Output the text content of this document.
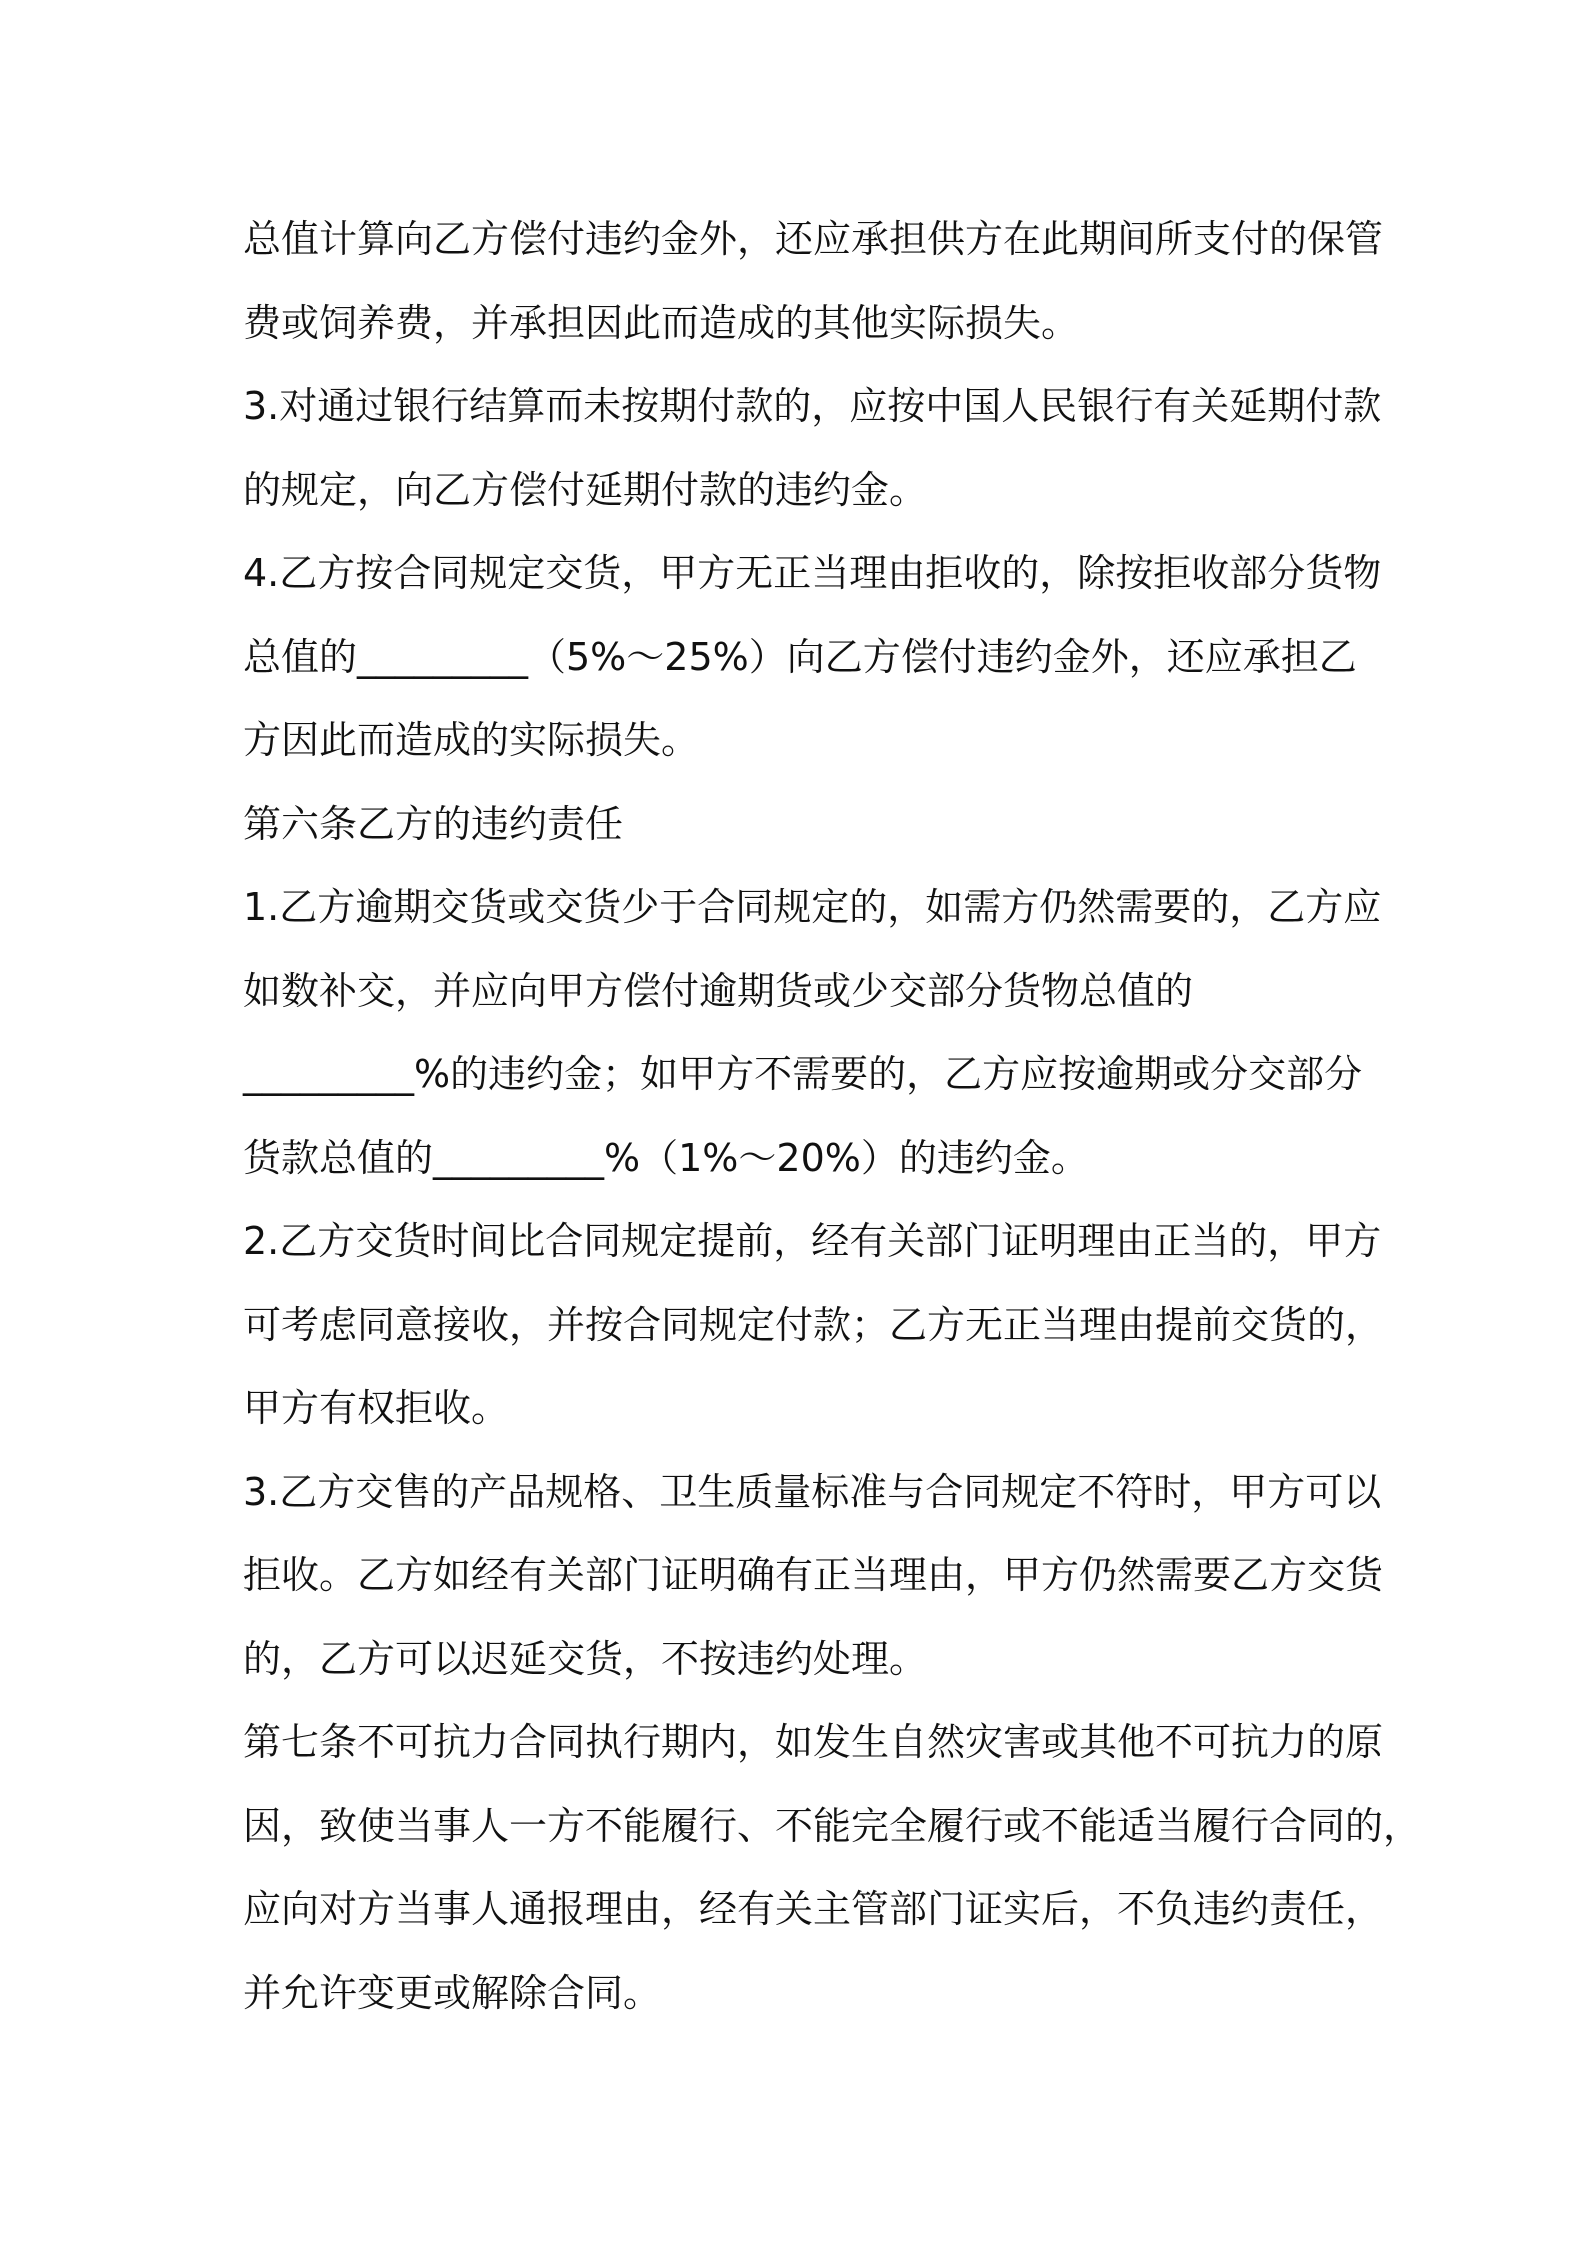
总值计算向乙方偿付违约金外，还应承担供方在此期间所支付的保管
费或饲养费，并承担因此而造成的其他实际损失。
3.对通过银行结算而未按期付款的，应按中国人民银行有关延期付款
的规定，向乙方偿付延期付款的违约金。
4.乙方按合同规定交货，甲方无正当理由拒收的，除按拒收部分货物
总值的_________（5%～25%）向乙方偿付违约金外，还应承担乙
方因此而造成的实际损失。
第六条乙方的违约责任
1.乙方逾期交货或交货少于合同规定的，如需方仍然需要的，乙方应
如数补交，并应向甲方偿付逾期货或少交部分货物总值的
_________%的违约金；如甲方不需要的，乙方应按逾期或分交部分
货款总值的_________%（1%～20%）的违约金。
2.乙方交货时间比合同规定提前，经有关部门证明理由正当的，甲方
可考虑同意接收，并按合同规定付款；乙方无正当理由提前交货的，
甲方有权拒收。
3.乙方交售的产品规格、卫生质量标准与合同规定不符时，甲方可以
拒收。乙方如经有关部门证明确有正当理由，甲方仍然需要乙方交货
的，乙方可以迟延交货，不按违约处理。
第七条不可抗力合同执行期内，如发生自然灾害或其他不可抗力的原
因，致使当事人一方不能履行、不能完全履行或不能适当履行合同的，
应向对方当事人通报理由，经有关主管部门证实后，不负违约责任，
并允许变更或解除合同。
